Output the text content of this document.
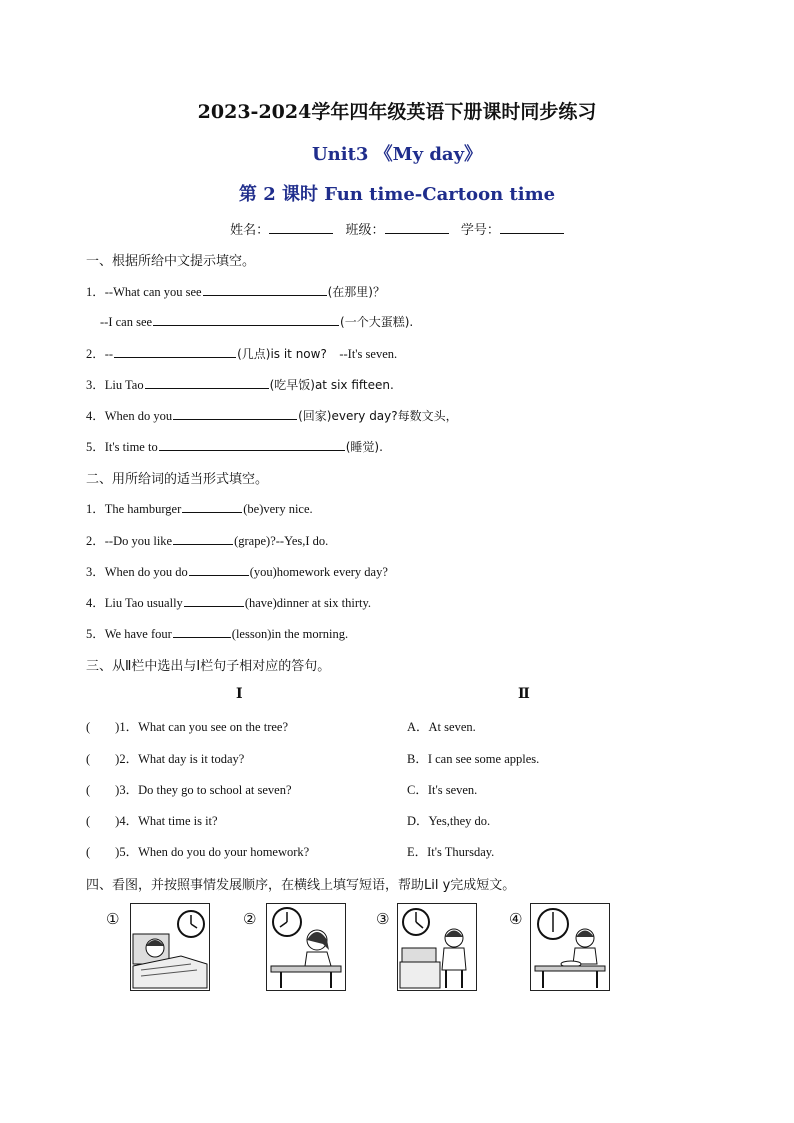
2023-2024学年四年级英语下册课时同步练习
Unit3 《My day》
第 2 课时 Fun time-Cartoon time
姓名：	班级：	学号：
一、根据所给中文提示填空。
1．--What can you see	(在那里)？
--I can see	(一个大蛋糕).
2．--	(几点)is it now? --It's seven.
3．Liu Tao	(吃早饭)at six fifteen.
4．When do you	(回家)every day?每数文头，
5．It's time to	(睡觉).
二、用所给词的适当形式填空。
1．The hamburger	(be)very nice.
2．--Do you like	(grape)?--Yes,I do.
3．When do you do	(you)homework every day?
4．Liu Tao usually	(have)dinner at six thirty.
5．We have four	(lesson)in the morning.
三、从Ⅱ栏中选出与Ⅰ栏句子相对应的答句。
I	Ⅱ
(　　)1．What can you see on the tree?	A．At seven.
(　　)2．What day is it today?	B．I can see some apples.
(　　)3．Do they go to school at seven?	C．It's seven.
(　　)4．What time is it?	D．Yes,they do.
(　　)5．When do you do your homework?	E．It's Thursday.
四、看图，并按照事情发展顺序，在横线上填写短语，帮助Lil y完成短文。
①	②	③	④
